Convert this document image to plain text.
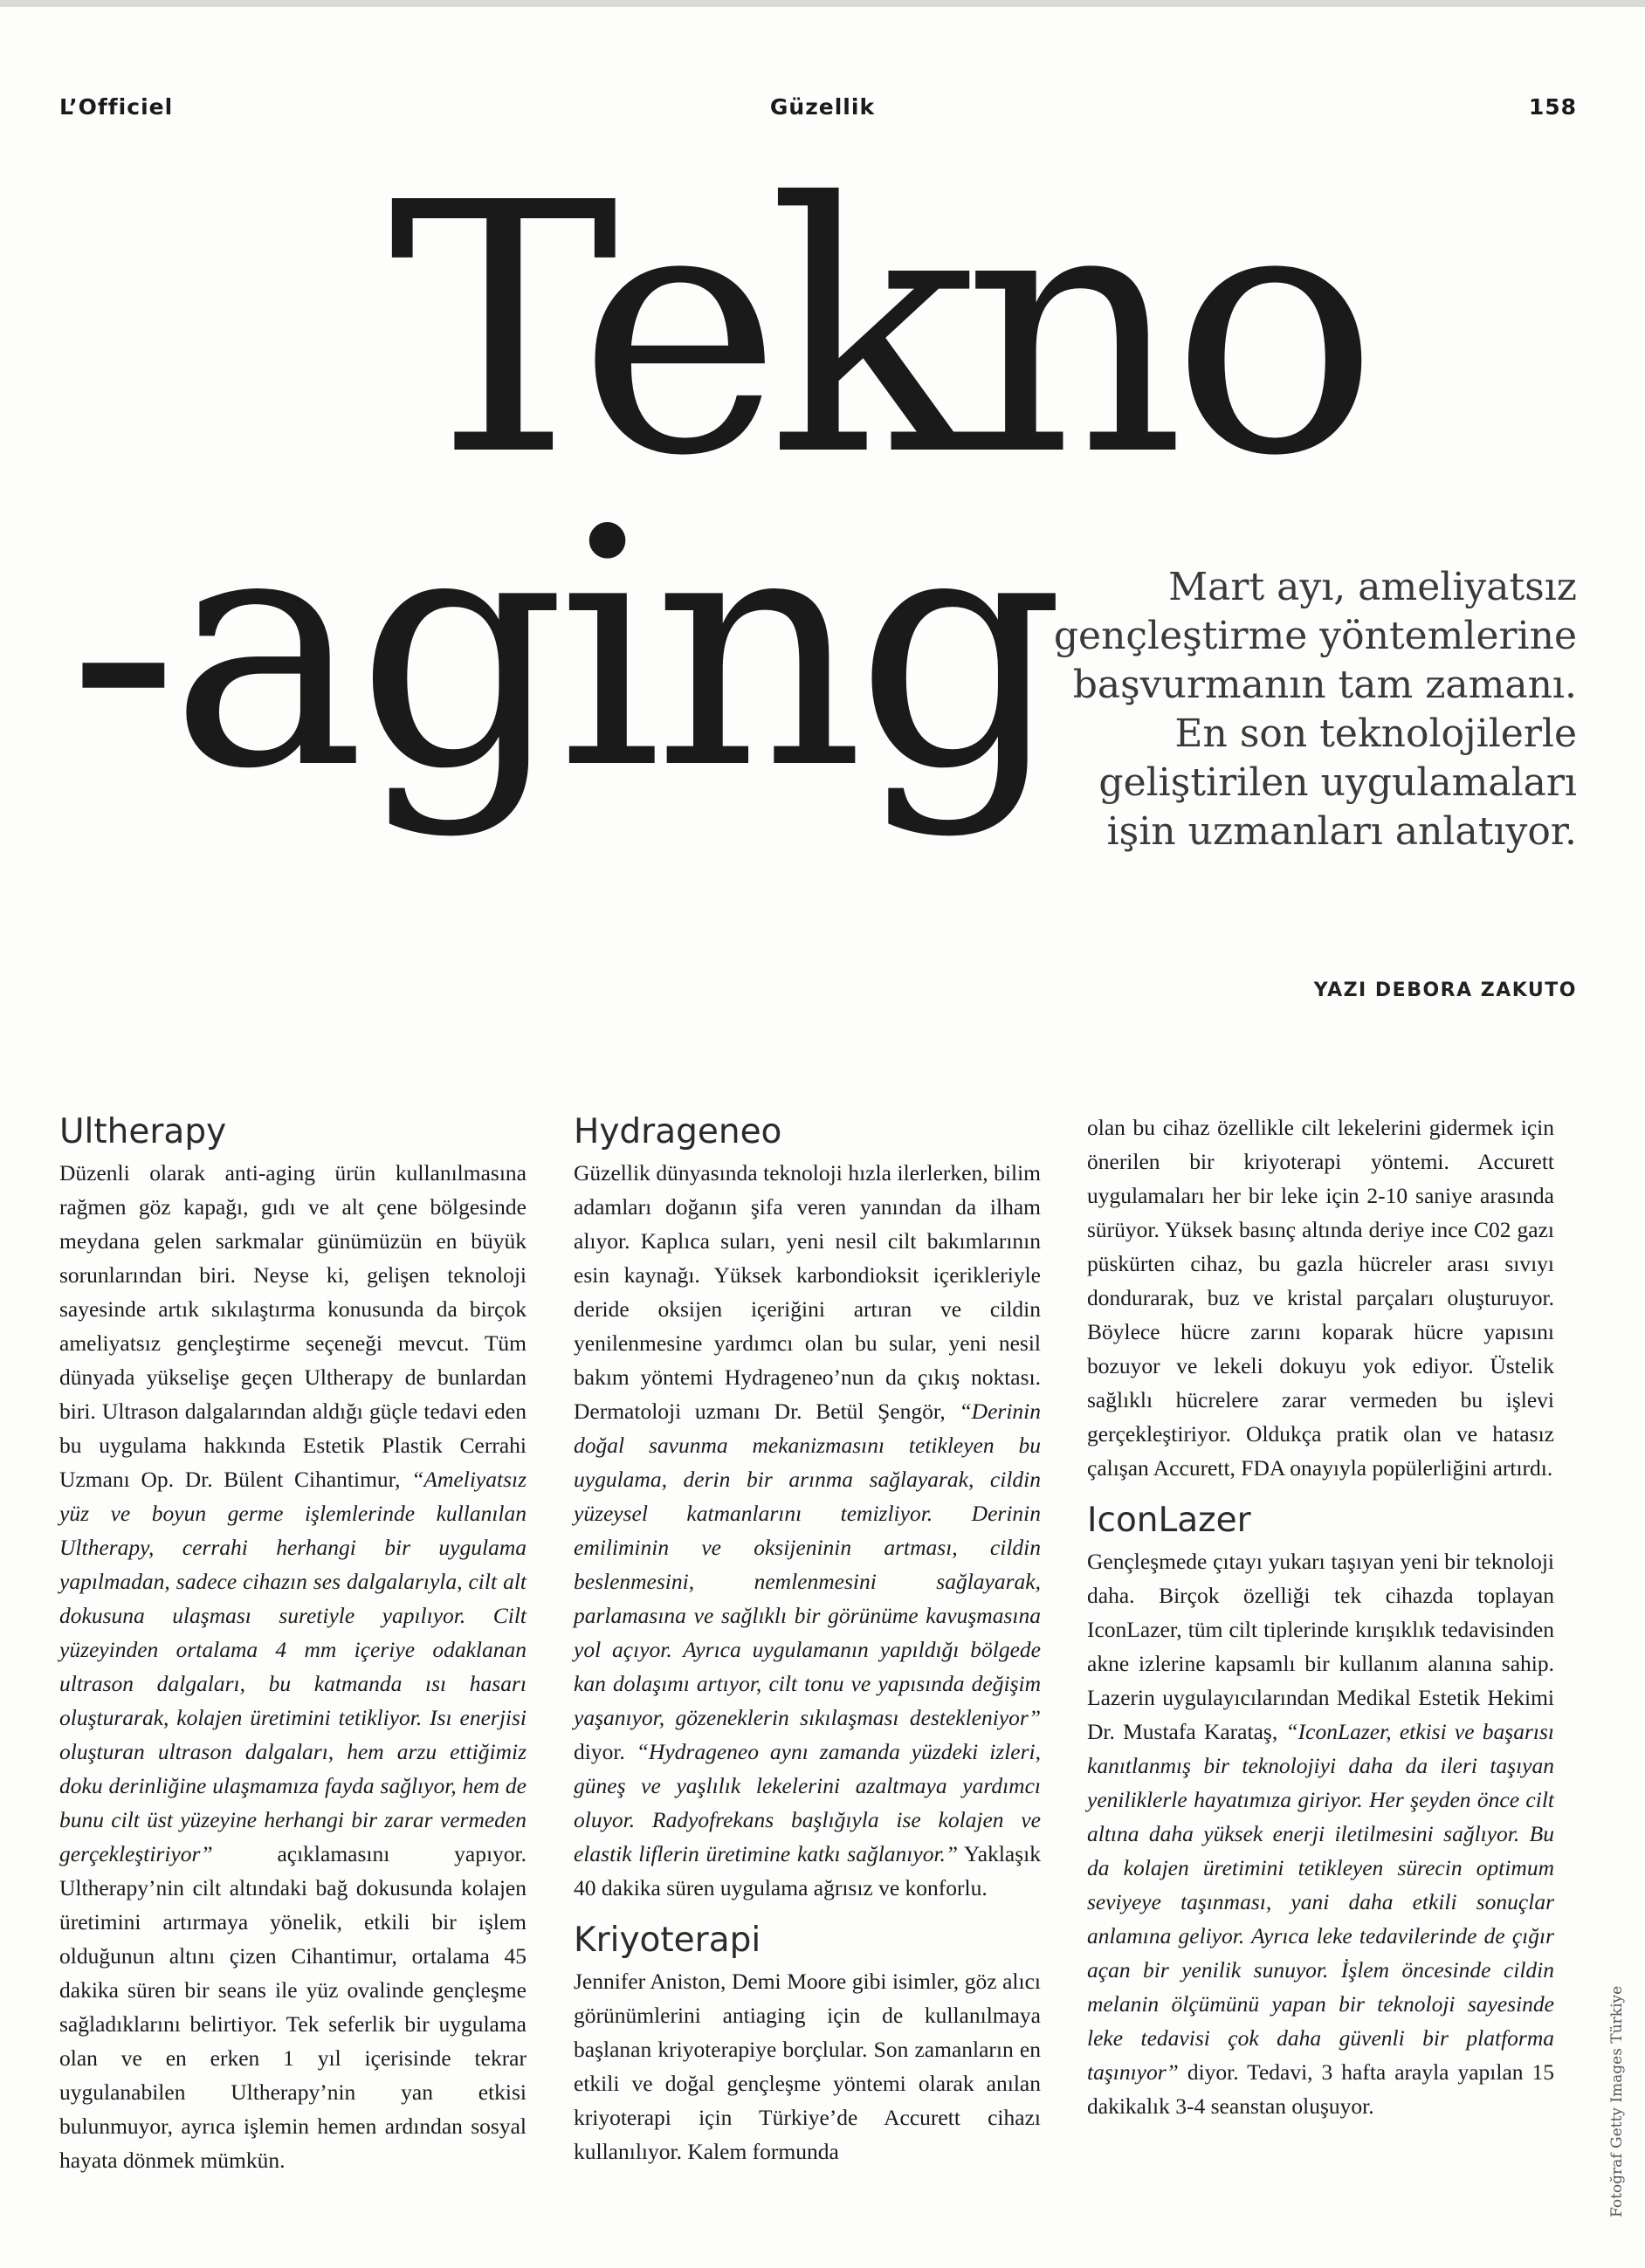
L’Officiel	Güzellik	158
Tekno
-aging	Mart ayı, ameliyatsız gençleştirme yöntemlerine başvurmanın tam zamanı. En son teknolojilerle geliştirilen uygulamaları işin uzmanları anlatıyor.

YAZI DEBORA ZAKUTO
Ultherapy

Düzenli olarak anti-aging ürün kullanılmasına rağmen göz kapağı, gıdı ve alt çene bölgesinde meydana gelen sarkmalar günümüzün en büyük sorunlarından biri. Neyse ki, gelişen teknoloji sayesinde artık sıkılaştırma konusunda da birçok ameliyatsız gençleştirme seçeneği mevcut. Tüm dünyada yükselişe geçen Ultherapy de bunlardan biri. Ultrason dalgalarından aldığı güçle tedavi eden bu uygulama hakkında Estetik Plastik Cerrahi Uzmanı Op. Dr. Bülent Cihantimur, “Ameliyatsız yüz ve boyun germe işlemlerinde kullanılan Ultherapy, cerrahi herhangi bir uygulama yapılmadan, sadece cihazın ses dalgalarıyla, cilt alt dokusuna ulaşması suretiyle yapılıyor. Cilt yüzeyinden ortalama 4 mm içeriye odaklanan ultrason dalgaları, bu katmanda ısı hasarı oluşturarak, kolajen üretimini tetikliyor. Isı enerjisi oluşturan ultrason dalgaları, hem arzu ettiğimiz doku derinliğine ulaşmamıza fayda sağlıyor, hem de bunu cilt üst yüzeyine herhangi bir zarar vermeden gerçekleştiriyor” açıklamasını yapıyor. Ultherapy’nin cilt altındaki bağ dokusunda kolajen üretimini artırmaya yönelik, etkili bir işlem olduğunun altını çizen Cihantimur, ortalama 45 dakika süren bir seans ile yüz ovalinde gençleşme sağladıklarını belirtiyor. Tek seferlik bir uygulama olan ve en erken 1 yıl içerisinde tekrar uygulanabilen Ultherapy’nin yan etkisi bulunmuyor, ayrıca işlemin hemen ardından sosyal hayata dönmek mümkün.

Hydrageneo

Güzellik dünyasında teknoloji hızla ilerlerken, bilim adamları doğanın şifa veren yanından da ilham alıyor. Kaplıca suları, yeni nesil cilt bakımlarının esin kaynağı. Yüksek karbondioksit içerikleriyle deride oksijen içeriğini artıran ve cildin yenilenmesine yardımcı olan bu sular, yeni nesil bakım yöntemi Hydrageneo’nun da çıkış noktası. Dermatoloji uzmanı Dr. Betül Şengör, “Derinin doğal savunma mekanizmasını tetikleyen bu uygulama, derin bir arınma sağlayarak, cildin yüzeysel katmanlarını temizliyor. Derinin emiliminin ve oksijeninin artması, cildin beslenmesini, nemlenmesini sağlayarak, parlamasına ve sağlıklı bir görünüme kavuşmasına yol açıyor. Ayrıca uygulamanın yapıldığı bölgede kan dolaşımı artıyor, cilt tonu ve yapısında değişim yaşanıyor, gözeneklerin sıkılaşması destekleniyor” diyor. “Hydrageneo aynı zamanda yüzdeki izleri, güneş ve yaşlılık lekelerini azaltmaya yardımcı oluyor. Radyofrekans başlığıyla ise kolajen ve elastik liflerin üretimine katkı sağlanıyor.” Yaklaşık 40 dakika süren uygulama ağrısız ve konforlu.

Kriyoterapi

Jennifer Aniston, Demi Moore gibi isimler, göz alıcı görünümlerini antiaging için de kullanılmaya başlanan kriyoterapiye borçlular. Son zamanların en etkili ve doğal gençleşme yöntemi olarak anılan kriyoterapi için Türkiye’de Accurett cihazı kullanılıyor. Kalem formunda

olan bu cihaz özellikle cilt lekelerini gidermek için önerilen bir kriyoterapi yöntemi. Accurett uygulamaları her bir leke için 2-10 saniye arasında sürüyor. Yüksek basınç altında deriye ince C02 gazı püskürten cihaz, bu gazla hücreler arası sıvıyı dondurarak, buz ve kristal parçaları oluşturuyor. Böylece hücre zarını koparak hücre yapısını bozuyor ve lekeli dokuyu yok ediyor. Üstelik sağlıklı hücrelere zarar vermeden bu işlevi gerçekleştiriyor. Oldukça pratik olan ve hatasız çalışan Accurett, FDA onayıyla popülerliğini artırdı.

IconLazer

Gençleşmede çıtayı yukarı taşıyan yeni bir teknoloji daha. Birçok özelliği tek cihazda toplayan IconLazer, tüm cilt tiplerinde kırışıklık tedavisinden akne izlerine kapsamlı bir kullanım alanına sahip. Lazerin uygulayıcılarından Medikal Estetik Hekimi Dr. Mustafa Karataş, “IconLazer, etkisi ve başarısı kanıtlanmış bir teknolojiyi daha da ileri taşıyan yeniliklerle hayatımıza giriyor. Her şeyden önce cilt altına daha yüksek enerji iletilmesini sağlıyor. Bu da kolajen üretimini tetikleyen sürecin optimum seviyeye taşınması, yani daha etkili sonuçlar anlamına geliyor. Ayrıca leke tedavilerinde de çığır açan bir yenilik sunuyor. İşlem öncesinde cildin melanin ölçümünü yapan bir teknoloji sayesinde leke tedavisi çok daha güvenli bir platforma taşınıyor” diyor. Tedavi, 3 hafta arayla yapılan 15 dakikalık 3-4 seanstan oluşuyor.	Fotoğraf Getty Images Türkiye
